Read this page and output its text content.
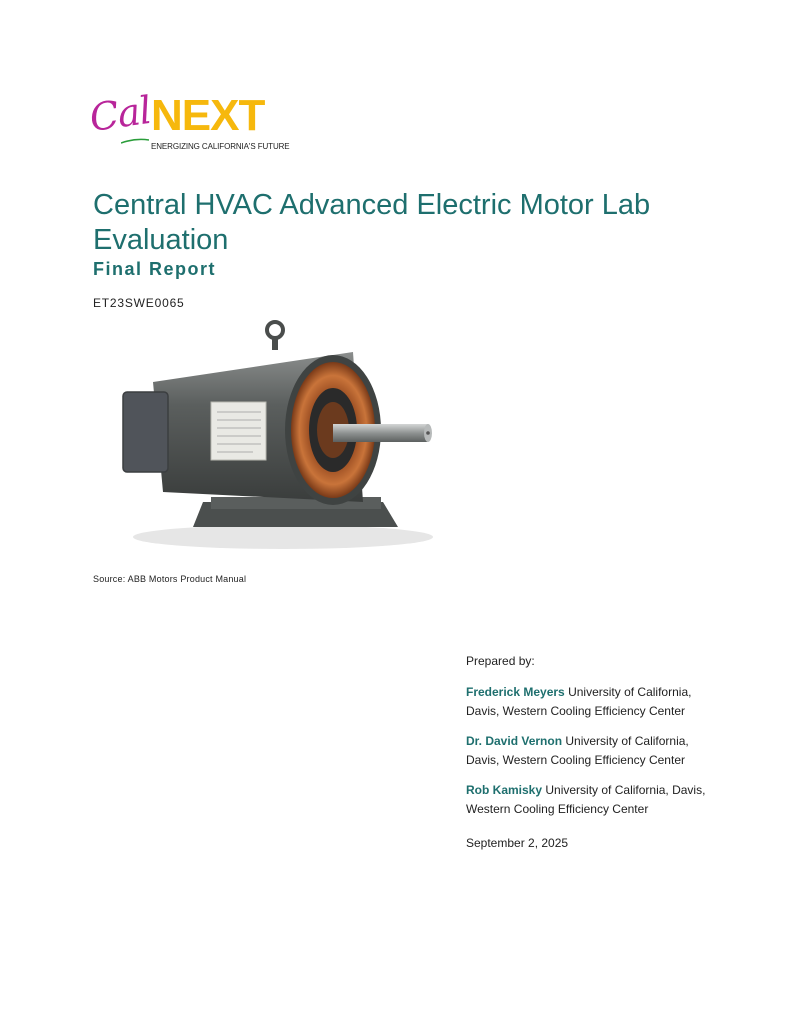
Cal
NEXT
ENERGIZING CALIFORNIA'S FUTURE
Central HVAC Advanced Electric Motor Lab Evaluation
Final Report
ET23SWE0065
Source: ABB Motors Product Manual
Prepared by:
Frederick Meyers University of California, Davis, Western Cooling Efficiency Center
Dr. David Vernon University of California, Davis, Western Cooling Efficiency Center
Rob Kamisky University of California, Davis, Western Cooling Efficiency Center
September 2, 2025
